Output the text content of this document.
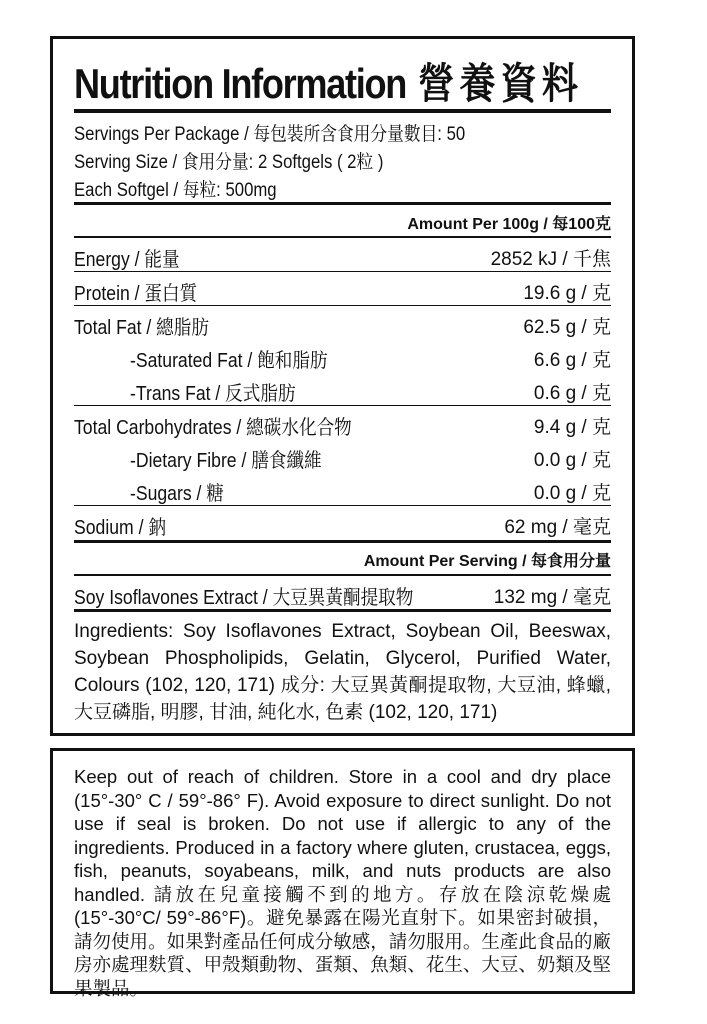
Nutrition Information 營養資料
Servings Per Package / 每包裝所含食用分量數目: 50
Serving Size / 食用分量: 2 Softgels ( 2粒 )
Each Softgel / 每粒: 500mg
Amount Per 100g / 每100克
Energy / 能量	2852 kJ / 千焦
Protein / 蛋白質	19.6 g / 克
Total Fat / 總脂肪	62.5 g / 克
-Saturated Fat / 飽和脂肪	6.6 g / 克
-Trans Fat / 反式脂肪	0.6 g / 克
Total Carbohydrates / 總碳水化合物	9.4 g / 克
-Dietary Fibre / 膳食纖維	0.0 g / 克
-Sugars / 糖	0.0 g / 克
Sodium / 鈉	62 mg / 毫克
Amount Per Serving / 每食用分量
Soy Isoflavones Extract / 大豆異黃酮提取物	132 mg / 毫克
Ingredients: Soy Isoflavones Extract, Soybean Oil, Beeswax, Soybean Phospholipids, Gelatin, Glycerol, Purified Water, Colours (102, 120, 171) 成分: 大豆異黃酮提取物, 大豆油, 蜂蠟, 大豆磷脂, 明膠, 甘油, 純化水, 色素 (102, 120, 171)
Keep out of reach of children. Store in a cool and dry place (15°-30° C / 59°-86° F). Avoid exposure to direct sunlight. Do not use if seal is broken. Do not use if allergic to any of the ingredients. Produced in a factory where gluten, crustacea, eggs, fish, peanuts, soyabeans, milk, and nuts products are also handled. 請放在兒童接觸不到的地方。存放在陰涼乾燥處(15°-30°C/ 59°-86°F)。避免暴露在陽光直射下。如果密封破損，請勿使用。如果對產品任何成分敏感，請勿服用。生產此食品的廠房亦處理麩質、甲殼類動物、蛋類、魚類、花生、大豆、奶類及堅果製品。
